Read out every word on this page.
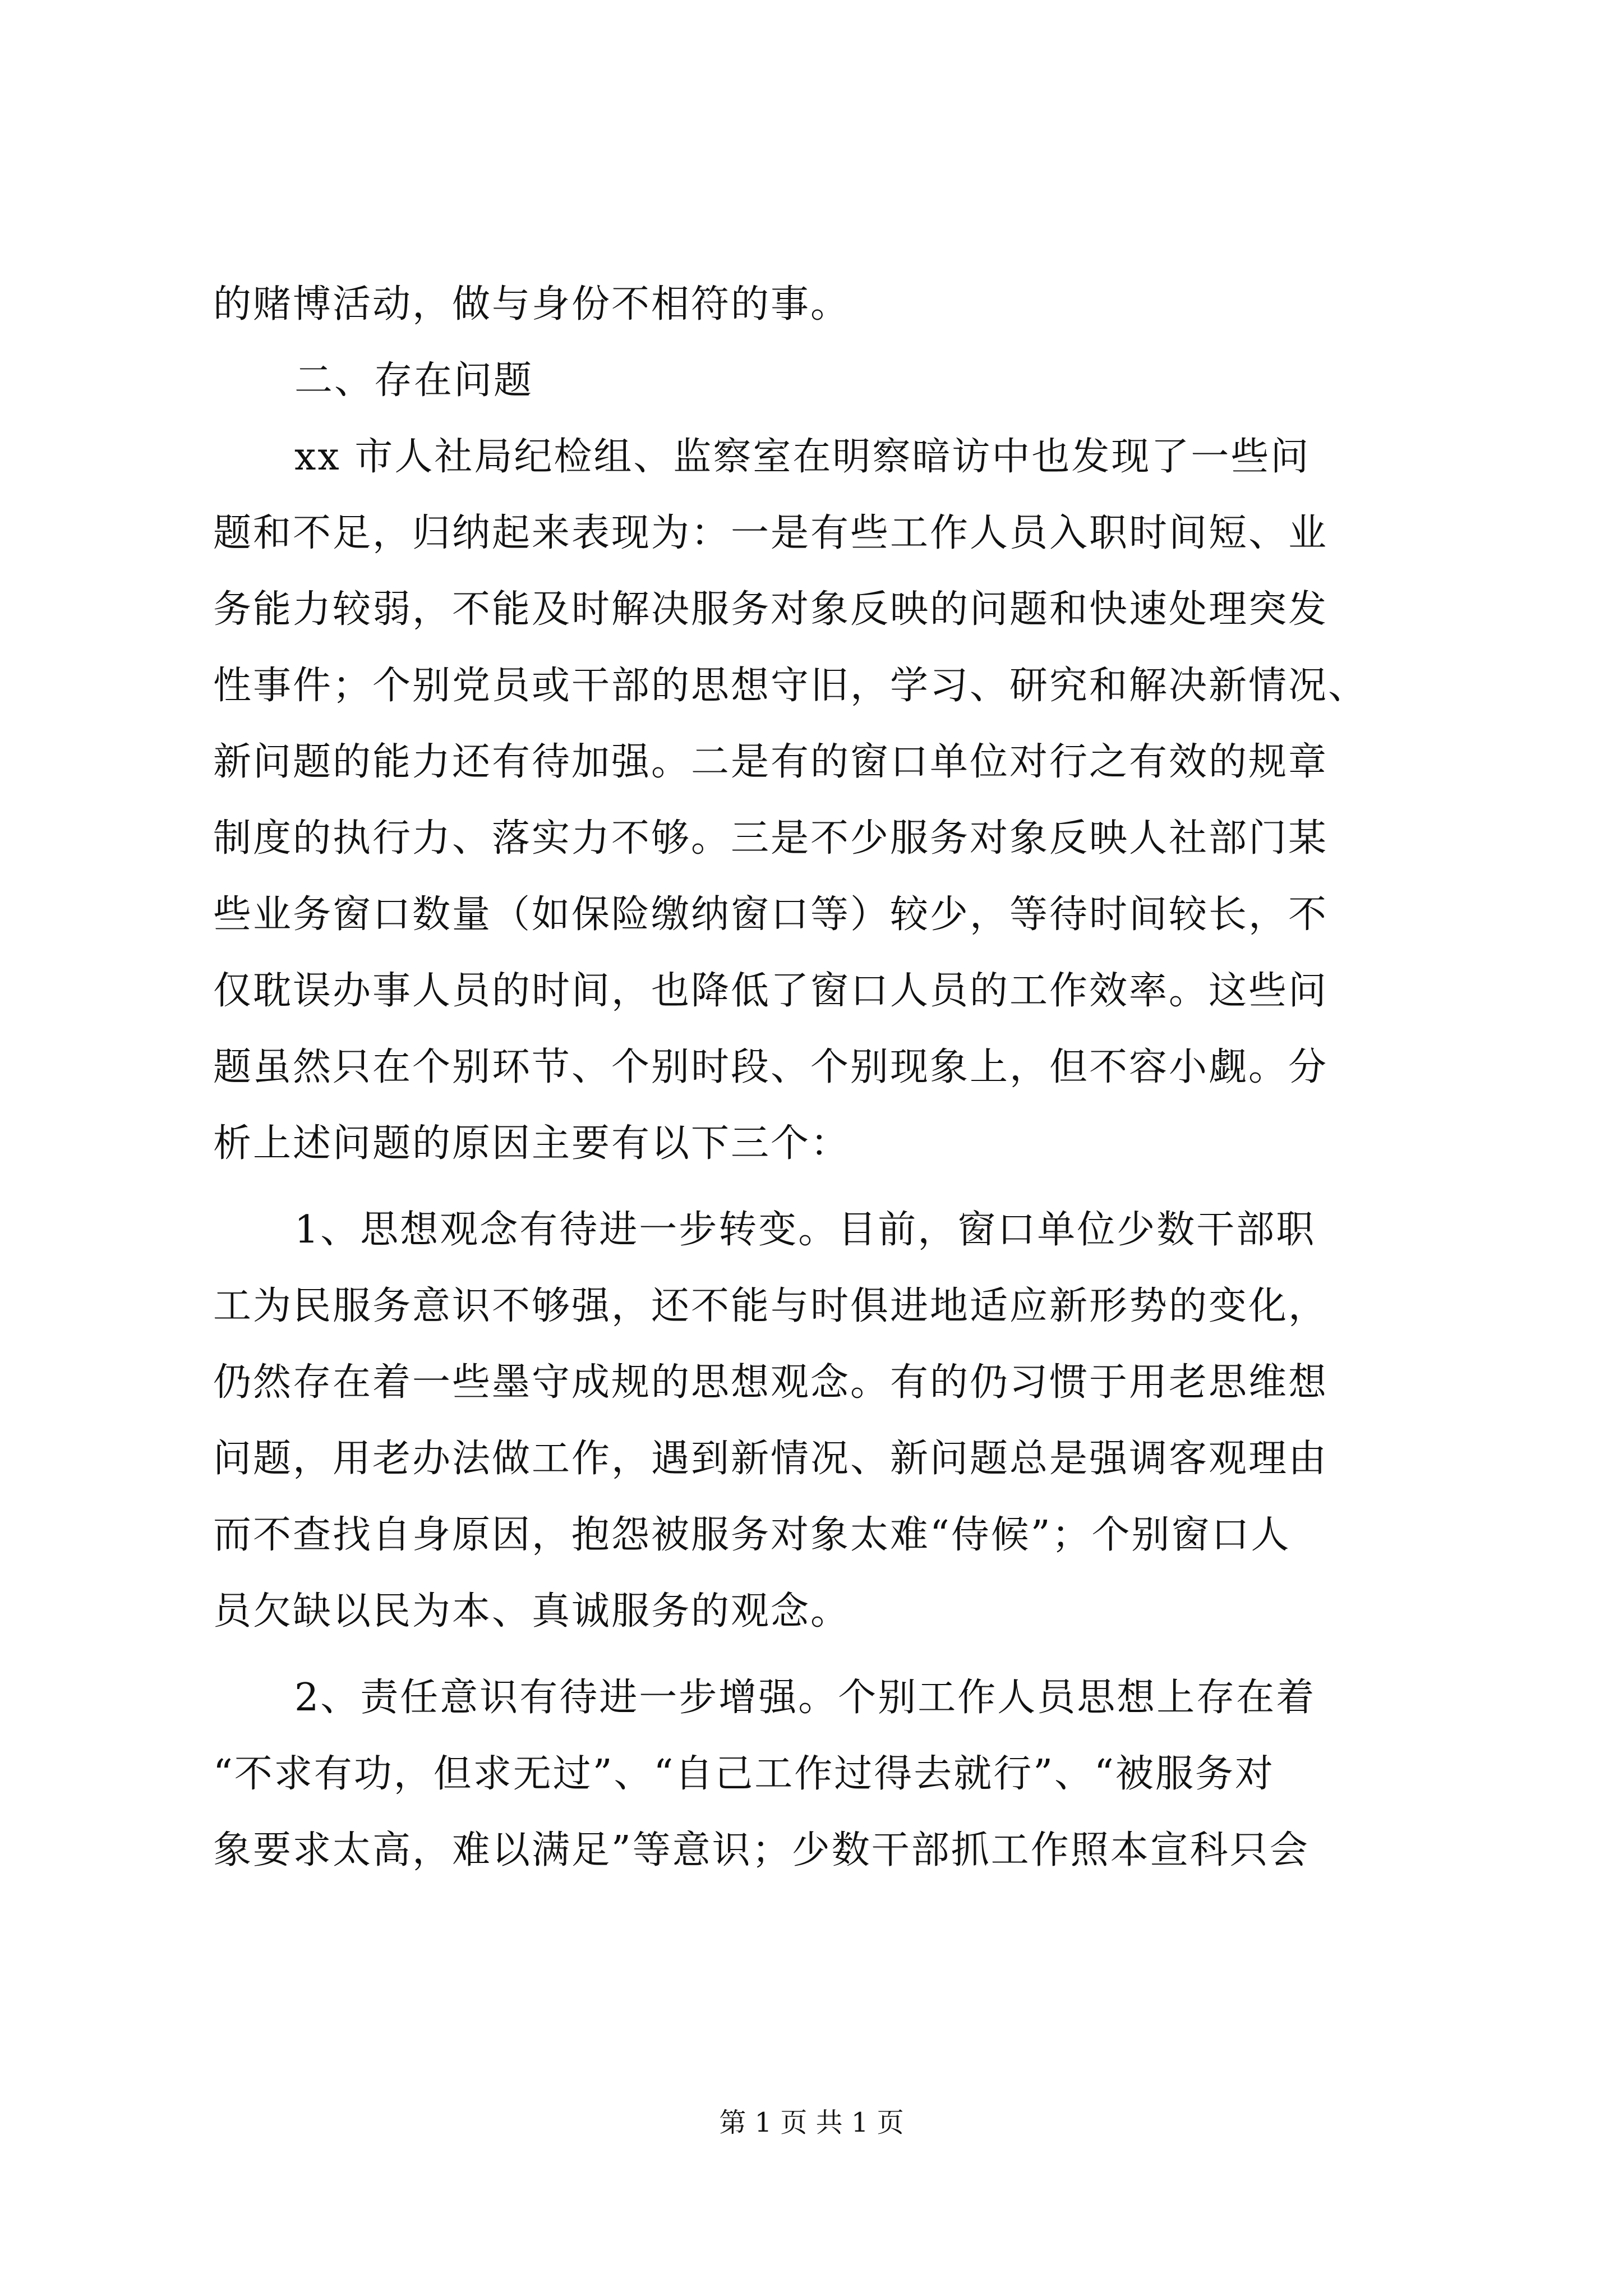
的赌博活动，做与身份不相符的事。
二、存在问题
xx 市人社局纪检组、监察室在明察暗访中也发现了一些问
题和不足，归纳起来表现为：一是有些工作人员入职时间短、业
务能力较弱，不能及时解决服务对象反映的问题和快速处理突发
性事件；个别党员或干部的思想守旧，学习、研究和解决新情况、
新问题的能力还有待加强。二是有的窗口单位对行之有效的规章
制度的执行力、落实力不够。三是不少服务对象反映人社部门某
些业务窗口数量（如保险缴纳窗口等）较少，等待时间较长，不
仅耽误办事人员的时间，也降低了窗口人员的工作效率。这些问
题虽然只在个别环节、个别时段、个别现象上，但不容小觑。分
析上述问题的原因主要有以下三个：
1、思想观念有待进一步转变。目前，窗口单位少数干部职
工为民服务意识不够强，还不能与时俱进地适应新形势的变化，
仍然存在着一些墨守成规的思想观念。有的仍习惯于用老思维想
问题，用老办法做工作，遇到新情况、新问题总是强调客观理由
而不查找自身原因，抱怨被服务对象太难“侍候”；个别窗口人
员欠缺以民为本、真诚服务的观念。
2、责任意识有待进一步增强。个别工作人员思想上存在着
“不求有功，但求无过”、“自己工作过得去就行”、“被服务对
象要求太高，难以满足”等意识；少数干部抓工作照本宣科只会
第 1 页 共 1 页
